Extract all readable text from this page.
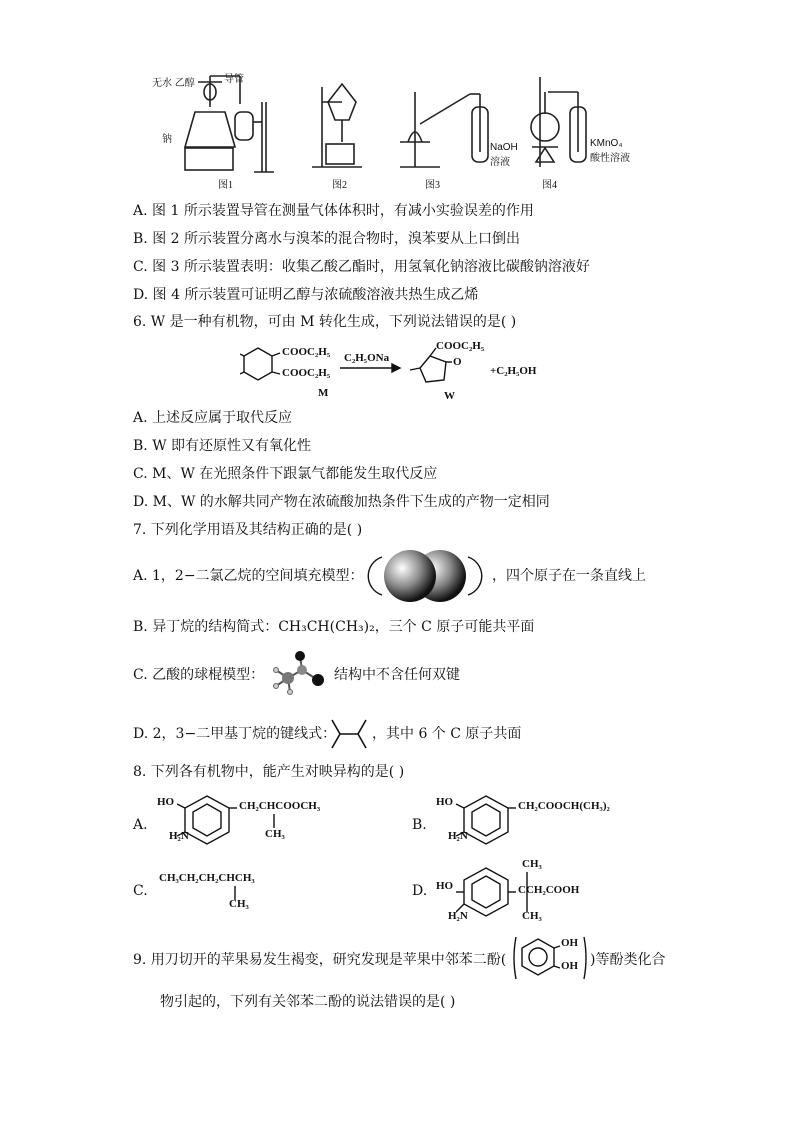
无水 乙醇	导管
钠
NaOH
溶液
KMnO₄
酸性溶液
图1	图2	图3	图4
A. 图 1 所示装置导管在测量气体体积时，有减小实验误差的作用
B. 图 2 所示装置分离水与溴苯的混合物时，溴苯要从上口倒出
C. 图 3 所示装置表明：收集乙酸乙酯时，用氢氧化钠溶液比碳酸钠溶液好
D. 图 4 所示装置可证明乙醇与浓硫酸溶液共热生成乙烯
6. W 是一种有机物，可由 M 转化生成，下列说法错误的是( )
COOC₂H₅
COOC₂H₅
M
C₂H₅ONa
COOC₂H₅
O
W
+C₂H₅OH
A. 上述反应属于取代反应
B. W 即有还原性又有氧化性
C. M、W 在光照条件下跟氯气都能发生取代反应
D. M、W 的水解共同产物在浓硫酸加热条件下生成的产物一定相同
7. 下列化学用语及其结构正确的是( )
A. 1，2−二氯乙烷的空间填充模型：	，四个原子在一条直线上
B. 异丁烷的结构简式：CH₃CH(CH₃)₂，三个 C 原子可能共平面
C. 乙酸的球棍模型：	结构中不含任何双键
D. 2，3−二甲基丁烷的键线式：	，其中 6 个 C 原子共面
8. 下列各有机物中，能产生对映异构的是( )
A.
HO
H₂N
CH₂CHCOOCH₃
CH₃
B.
HO
H₂N
CH₂COOCH(CH₃)₂
C.
CH₃CH₂CH₂CHCH₃
CH₃
D. HO
H₂N
CH₃
CCH₂COOH
CH₃
9. 用刀切开的苹果易发生褐变，研究发现是苹果中邻苯二酚(
OH
OH )等酚类化合
物引起的，下列有关邻苯二酚的说法错误的是( )
